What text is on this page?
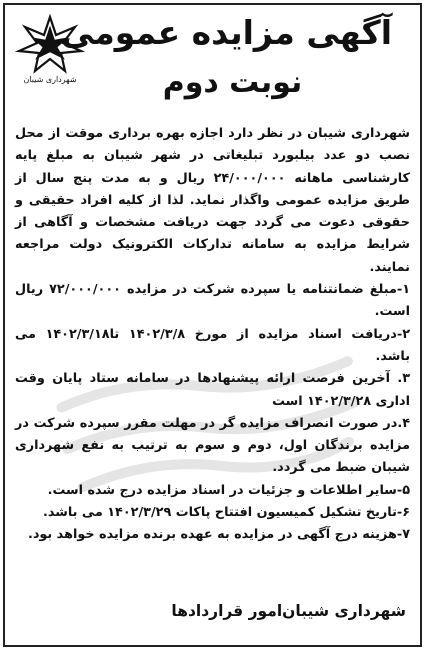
شهرداری شیبان
آگهی مزایده عمومی
نوبت دوم

شهرداری شیبان در نظر دارد اجازه بهره برداری موقت از محل نصب دو عدد بیلبورد تبلیغاتی در شهر شیبان به مبلغ پایه کارشناسی ماهانه ۲۴/۰۰۰/۰۰۰ ریال و به مدت پنج سال از طریق مزایده عمومی واگذار نماید. لذا از کلیه افراد حقیقی و حقوقی دعوت می گردد جهت دریافت مشخصات و آگاهی از شرایط مزایده به سامانه تدارکات الکترونیک دولت مراجعه نمایند.

۱-مبلغ ضمانتنامه یا سپرده شرکت در مزایده ۷۲/۰۰۰/۰۰۰ ریال است.

۲-دریافت اسناد مزایده از مورخ ۱۴۰۲/۳/۸ تا۱۴۰۲/۳/۱۸ می باشد.

۳. آخرین فرصت ارائه پیشنهادها در سامانه ستاد پایان وقت اداری ۱۴۰۲/۳/۲۸ است

۴.در صورت انصراف مزایده گر در مهلت مقرر سپرده شرکت در مزایده برندگان اول، دوم و سوم به ترتیب به نفع شهرداری شیبان ضبط می گردد.

۵-سایر اطلاعات و جزئیات در اسناد مزایده درج شده است.

۶-تاریخ تشکیل کمیسیون افتتاح پاکات ۱۴۰۲/۳/۲۹ می باشد.

۷-هزینه درج آگهی در مزایده به عهده برنده مزایده خواهد بود.

شهرداری شیبان‌امور قراردادها
